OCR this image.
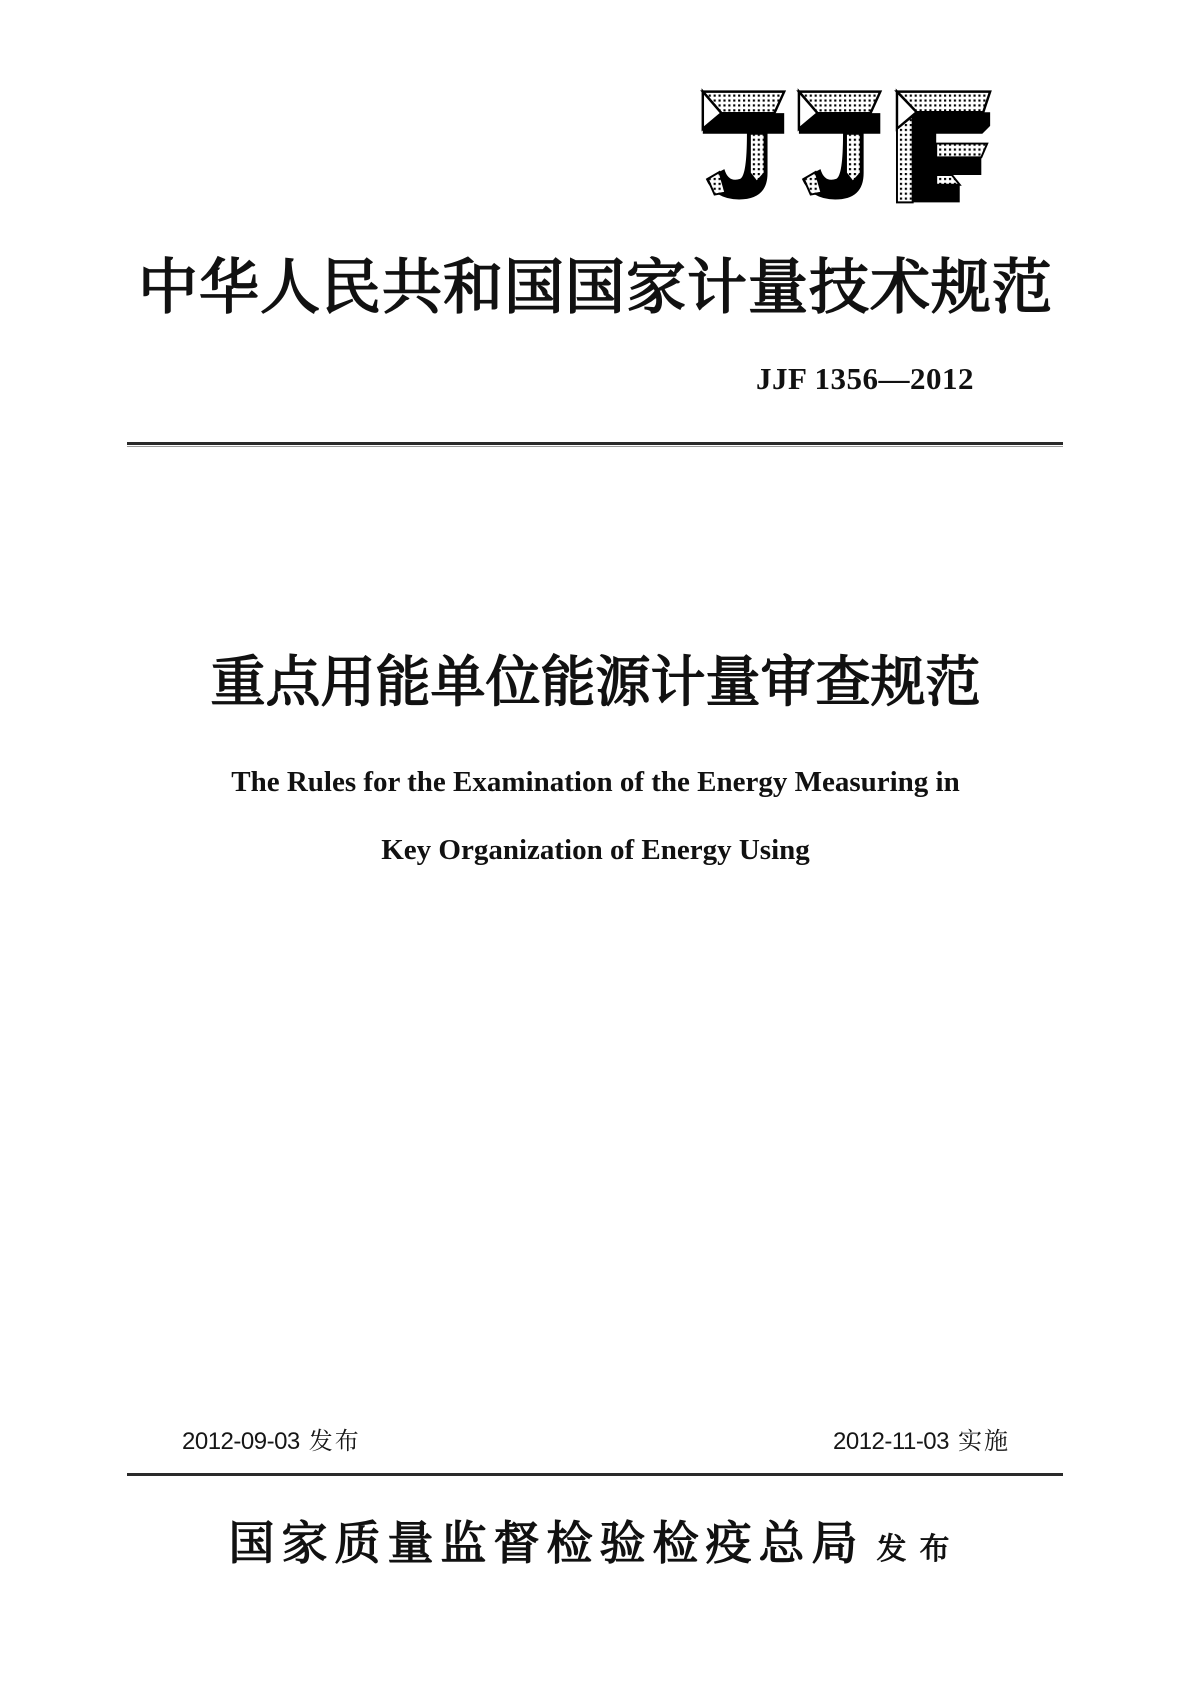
中华人民共和国国家计量技术规范
JJF 1356—2012
重点用能单位能源计量审查规范
The Rules for the Examination of the Energy Measuring in
Key Organization of Energy Using
2012-09-03 发布	2012-11-03 实施
国家质量监督检验检疫总局 发布
